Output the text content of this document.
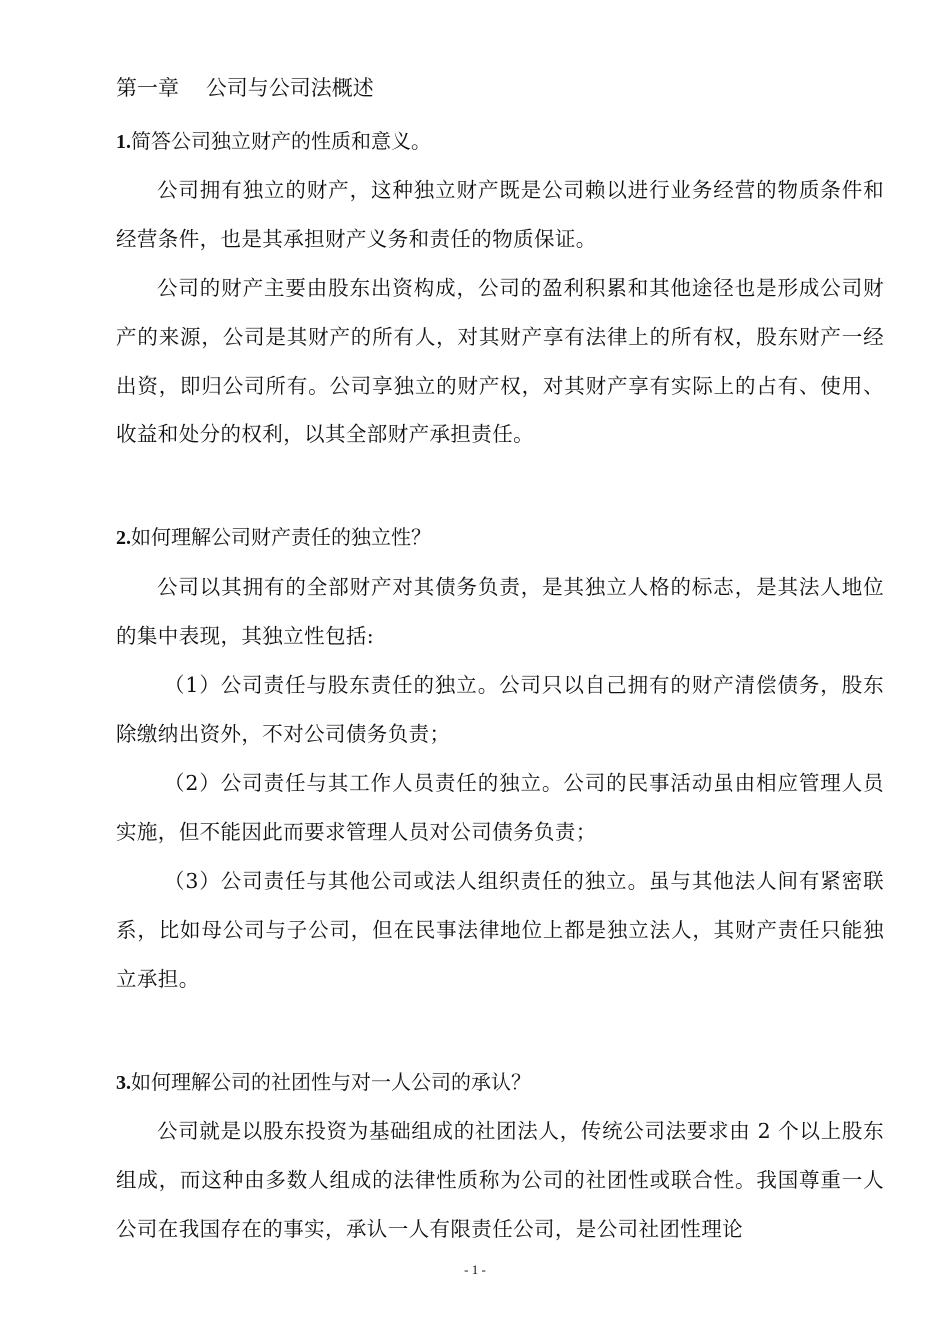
第一章    公司与公司法概述
1.简答公司独立财产的性质和意义。
公司拥有独立的财产，这种独立财产既是公司赖以进行业务经营的物质条件和经营条件，也是其承担财产义务和责任的物质保证。
公司的财产主要由股东出资构成，公司的盈利积累和其他途径也是形成公司财产的来源，公司是其财产的所有人，对其财产享有法律上的所有权，股东财产一经出资，即归公司所有。公司享独立的财产权，对其财产享有实际上的占有、使用、收益和处分的权利，以其全部财产承担责任。
2.如何理解公司财产责任的独立性？
公司以其拥有的全部财产对其债务负责，是其独立人格的标志，是其法人地位的集中表现，其独立性包括:
（1）公司责任与股东责任的独立。公司只以自己拥有的财产清偿债务，股东除缴纳出资外，不对公司债务负责；
（2）公司责任与其工作人员责任的独立。公司的民事活动虽由相应管理人员实施，但不能因此而要求管理人员对公司债务负责；
（3）公司责任与其他公司或法人组织责任的独立。虽与其他法人间有紧密联系，比如母公司与子公司，但在民事法律地位上都是独立法人，其财产责任只能独立承担。
3.如何理解公司的社团性与对一人公司的承认？
公司就是以股东投资为基础组成的社团法人，传统公司法要求由 2 个以上股东组成，而这种由多数人组成的法律性质称为公司的社团性或联合性。我国尊重一人公司在我国存在的事实，承认一人有限责任公司，是公司社团性理论
- 1 -
